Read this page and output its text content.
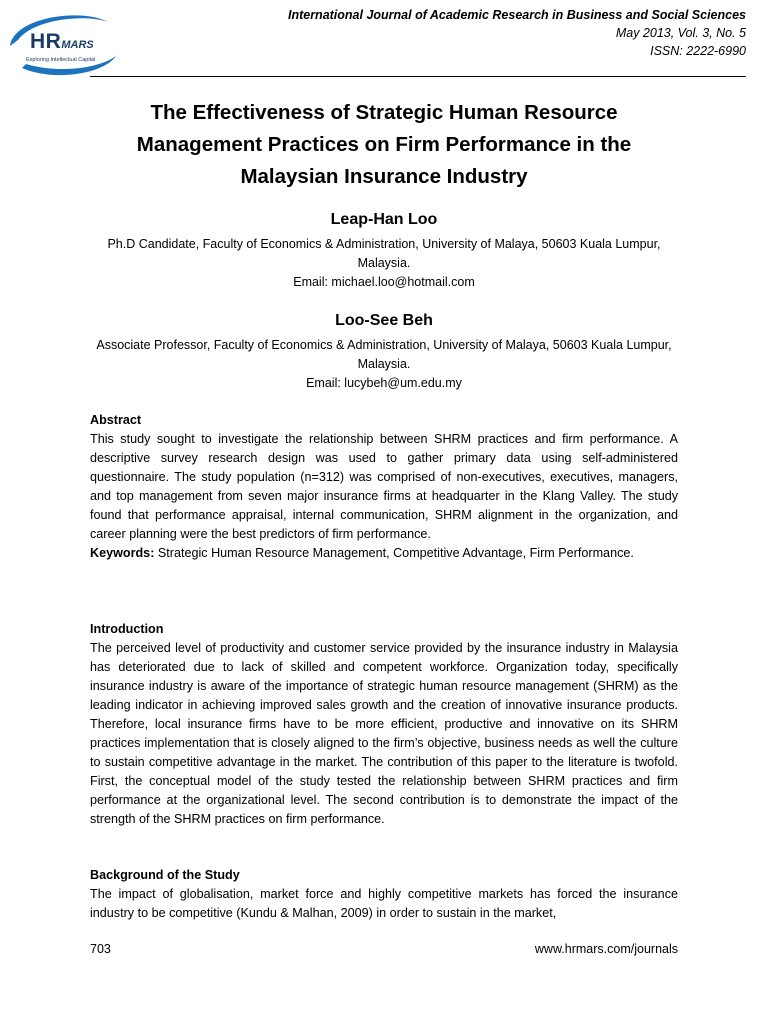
HRMARS
Exploring Intellectual Capital
International Journal of Academic Research in Business and Social Sciences
May 2013, Vol. 3, No. 5
ISSN: 2222-6990
The Effectiveness of Strategic Human Resource Management Practices on Firm Performance in the Malaysian Insurance Industry
Leap-Han Loo
Ph.D Candidate, Faculty of Economics & Administration, University of Malaya, 50603 Kuala Lumpur, Malaysia.
Email: michael.loo@hotmail.com
Loo-See Beh
Associate Professor, Faculty of Economics & Administration, University of Malaya, 50603 Kuala Lumpur, Malaysia.
Email: lucybeh@um.edu.my

Abstract

This study sought to investigate the relationship between SHRM practices and firm performance. A descriptive survey research design was used to gather primary data using self-administered questionnaire. The study population (n=312) was comprised of non-executives, executives, managers, and top management from seven major insurance firms at headquarter in the Klang Valley. The study found that performance appraisal, internal communication, SHRM alignment in the organization, and career planning were the best predictors of firm performance.

Keywords: Strategic Human Resource Management, Competitive Advantage, Firm Performance.

Introduction

The perceived level of productivity and customer service provided by the insurance industry in Malaysia has deteriorated due to lack of skilled and competent workforce. Organization today, specifically insurance industry is aware of the importance of strategic human resource management (SHRM) as the leading indicator in achieving improved sales growth and the creation of innovative insurance products. Therefore, local insurance firms have to be more efficient, productive and innovative on its SHRM practices implementation that is closely aligned to the firm’s objective, business needs as well the culture to sustain competitive advantage in the market. The contribution of this paper to the literature is twofold. First, the conceptual model of the study tested the relationship between SHRM practices and firm performance at the organizational level. The second contribution is to demonstrate the impact of the strength of the SHRM practices on firm performance.

Background of the Study

The impact of globalisation, market force and highly competitive markets has forced the insurance industry to be competitive (Kundu & Malhan, 2009) in order to sustain in the market,

703	www.hrmars.com/journals
